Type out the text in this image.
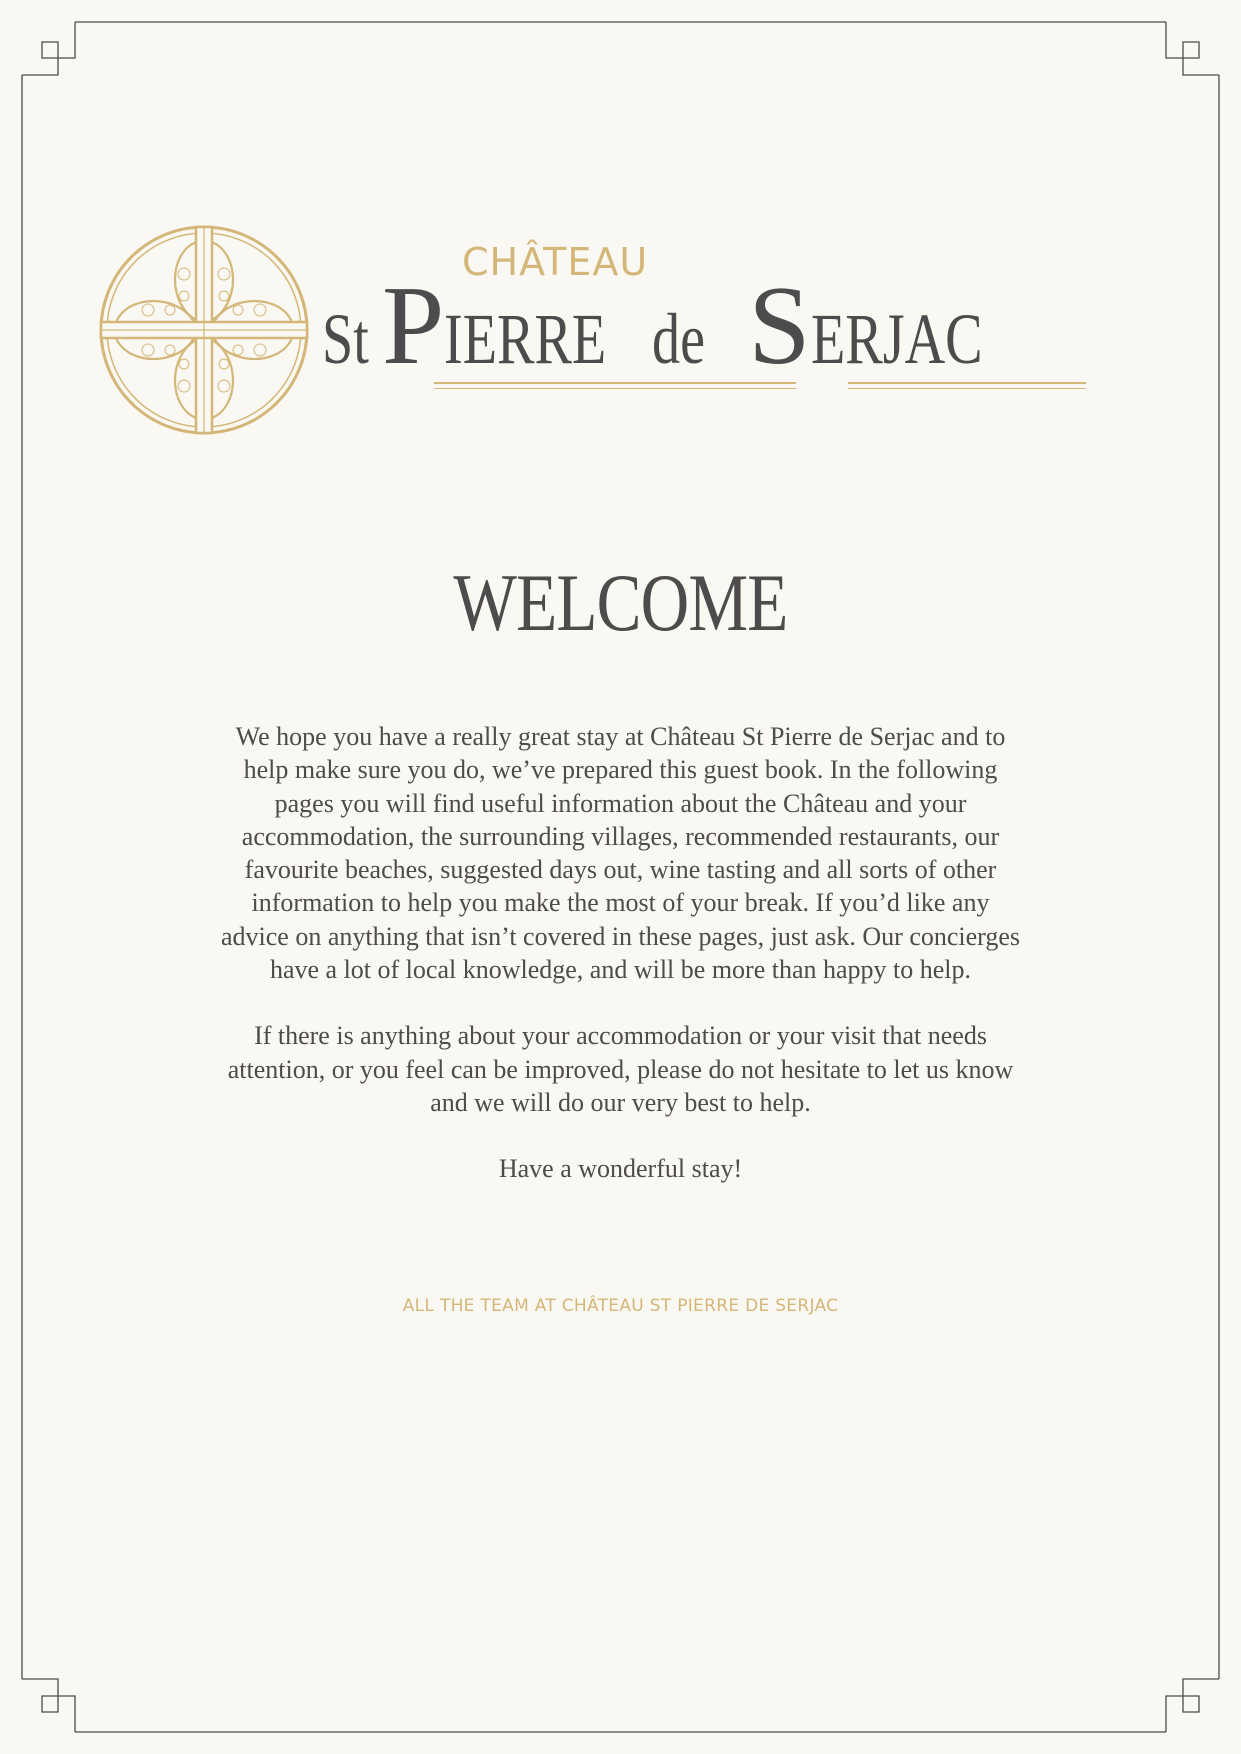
CHÂTEAU
St PIERREde SERJAC
WELCOME

We hope you have a really great stay at Château St Pierre de Serjac and to help make sure you do, we’ve prepared this guest book. In the following pages you will find useful information about the Château and your accommodation, the surrounding villages, recommended restaurants, our favourite beaches, suggested days out, wine tasting and all sorts of other information to help you make the most of your break. If you’d like any advice on anything that isn’t covered in these pages, just ask. Our concierges have a lot of local knowledge, and will be more than happy to help.

If there is anything about your accommodation or your visit that needs attention, or you feel can be improved, please do not hesitate to let us know and we will do our very best to help.

Have a wonderful stay!

ALL THE TEAM AT CHÂTEAU ST PIERRE DE SERJAC
